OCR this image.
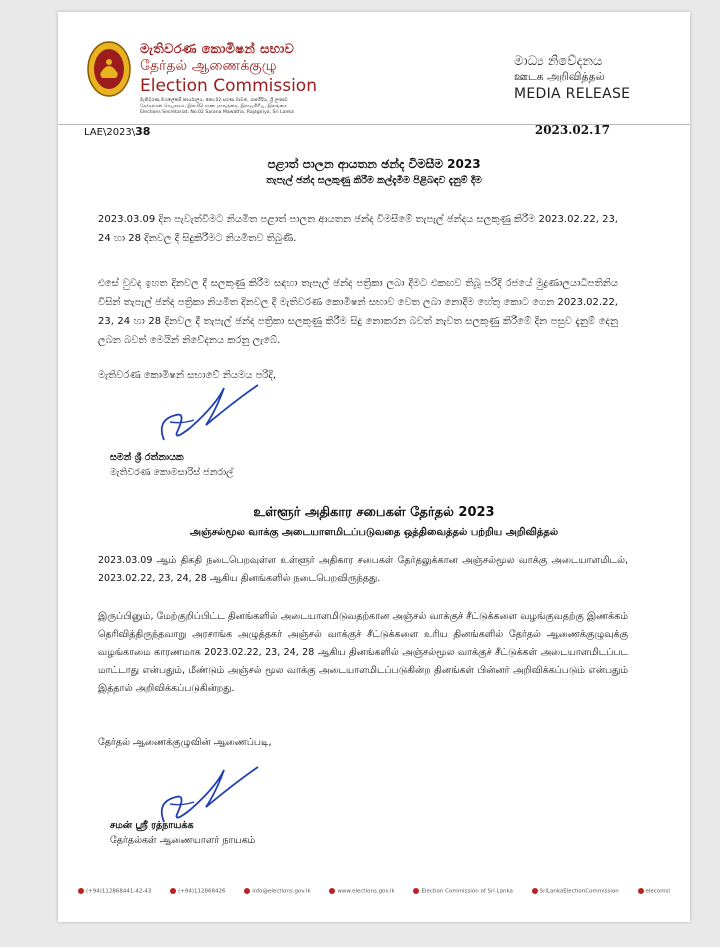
මැතිවරණ කොමිෂන් සභාව
தேர்தல் ஆணைக்குழு
Election Commission
මැතිවරණ මහලේකම් කාර්යාලය, නො.02 සරණ මාවත, රාජගිරිය, ශ්‍රී ලංකාව
தேர்தல்கள் செயலகம், இல.02 சரண மாவத்தை, இராஜகிரிய, இலங்கை
Elections Secretariat, No.02 Sarana Mawatha, Rajagiriya, Sri Lanka
මාධ්‍ය නිවේදනය
ஊடக அறிவித்தல்
MEDIA RELEASE
LAE\2023\38	2023.02.17
පළාත් පාලන ආයතන ඡන්ද විමසීම 2023
තැපැල් ඡන්ද සලකුණු කිරීම කල්දැමීම පිළිබඳව දැනුම් දීම
2023.03.09 දින පැවැත්වීමට නියමිත පළාත් පාලන ආයතන ඡන්ද විමසීමේ තැපැල් ඡන්දය සලකුණු කිරීම 2023.02.22, 23, 24 හා 28 දිනවල දී සිදුකිරීමට නියමිතව තිබුණි.
එසේ වුවද ඉහත දිනවල දී සලකුණු කිරීම සඳහා තැපැල් ඡන්ද පත්‍රිකා ලබා දීමට එකඟව තිබූ පරිදි රජයේ මුද්‍රණාලයාධිපතිනිය විසින් තැපැල් ඡන්ද පත්‍රිකා නියමිත දිනවල දී මැතිවරණ කොමිෂන් සභාව වෙත ලබා නොදීම හේතු කොට ගෙන 2023.02.22, 23, 24 හා 28 දිනවල දී තැපැල් ඡන්ද පත්‍රිකා සලකුණු කිරීම සිදු නොකරන බවත් නැවත සලකුණු කිරීමේ දින පසුව දැනුම් දෙනු ලබන බවත් මෙයින් නිවේදනය කරනු ලැබේ.
මැතිවරණ කොමිෂන් සභාවේ නියමය පරිදි,
සමන් ශ්‍රී රත්නායක
මැතිවරණ කොමසාරිස් ජනරාල්
உள்ளூர் அதிகார சபைகள் தேர்தல் 2023
அஞ்சல்மூல வாக்கு அடையாளமிடப்படுவதை ஒத்திவைத்தல் பற்றிய அறிவித்தல்
2023.03.09 ஆம் திகதி நடைபெறவுள்ள உள்ளூர் அதிகார சபைகள் தேர்தலுக்கான அஞ்சல்மூல வாக்கு அடையாளமிடல், 2023.02.22, 23, 24, 28 ஆகிய தினங்களில் நடைபெறவிருந்தது.
இருப்பினும், மேற்குறிப்பிட்ட தினங்களில் அடையாளமிடுவதற்கான அஞ்சல் வாக்குச் சீட்டுக்களை வழங்குவதற்கு இணக்கம் தெரிவித்திருந்தவாறு அரசாங்க அழுத்தகர் அஞ்சல் வாக்குச் சீட்டுக்களை உரிய தினங்களில் தேர்தல் ஆணைக்குழுவுக்கு வழங்காமை காரணமாக 2023.02.22, 23, 24, 28 ஆகிய தினங்களில் அஞ்சல்மூல வாக்குச் சீட்டுக்கள் அடையாளமிடப்பட மாட்டாது என்பதும், மீண்டும் அஞ்சல் மூல வாக்கு அடையாளமிடப்படுகின்ற தினங்கள் பின்னர் அறிவிக்கப்படும் என்பதும் இத்தால் அறிவிக்கப்படுகின்றது.
தேர்தல் ஆணைக்குழுவின் ஆணைப்படி,
சமன் ஸ்ரீ ரத்நாயக்க
தேர்தல்கள் ஆணையாளர் நாயகம்
(+94)112868441-42-43	(+94)112868426	info@elections.gov.lk	www.elections.gov.lk	Election Commission of Sri Lanka	SriLankaElectionCommission	elecomsl
